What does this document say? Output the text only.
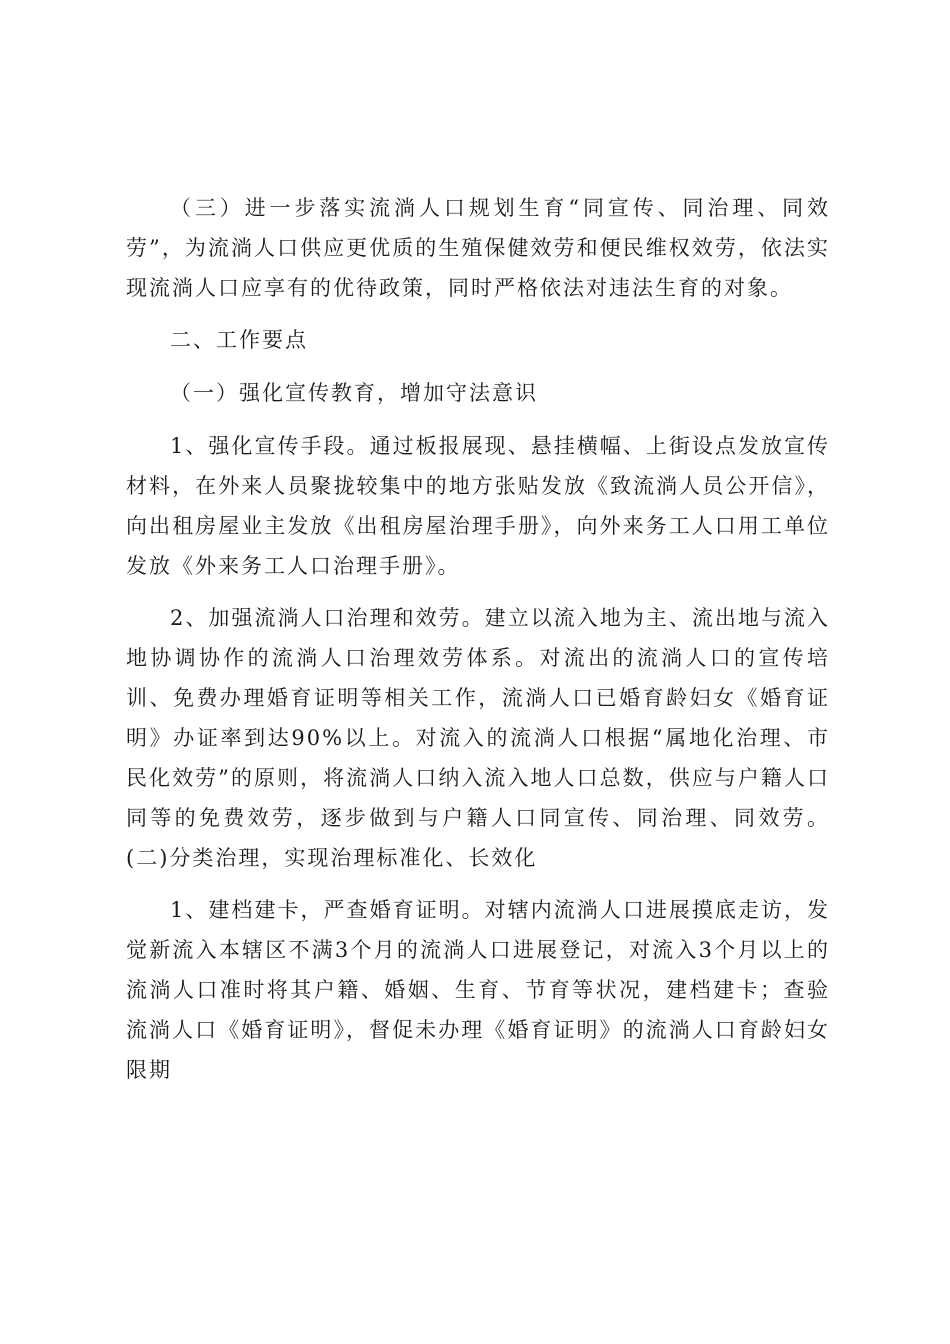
（三）进一步落实流淌人口规划生育“同宣传、同治理、同效劳”，为流淌人口供应更优质的生殖保健效劳和便民维权效劳，依法实现流淌人口应享有的优待政策，同时严格依法对违法生育的对象。

二、工作要点

（一）强化宣传教育，增加守法意识

1、强化宣传手段。通过板报展现、悬挂横幅、上街设点发放宣传材料，在外来人员聚拢较集中的地方张贴发放《致流淌人员公开信》，向出租房屋业主发放《出租房屋治理手册》，向外来务工人口用工单位发放《外来务工人口治理手册》。

2、加强流淌人口治理和效劳。建立以流入地为主、流出地与流入地协调协作的流淌人口治理效劳体系。对流出的流淌人口的宣传培训、免费办理婚育证明等相关工作，流淌人口已婚育龄妇女《婚育证明》办证率到达90%以上。对流入的流淌人口根据“属地化治理、市民化效劳”的原则，将流淌人口纳入流入地人口总数，供应与户籍人口同等的免费效劳，逐步做到与户籍人口同宣传、同治理、同效劳。(二)分类治理，实现治理标准化、长效化

1、建档建卡，严查婚育证明。对辖内流淌人口进展摸底走访，发觉新流入本辖区不满3个月的流淌人口进展登记，对流入3个月以上的流淌人口准时将其户籍、婚姻、生育、节育等状况，建档建卡；查验流淌人口《婚育证明》，督促未办理《婚育证明》的流淌人口育龄妇女限期
